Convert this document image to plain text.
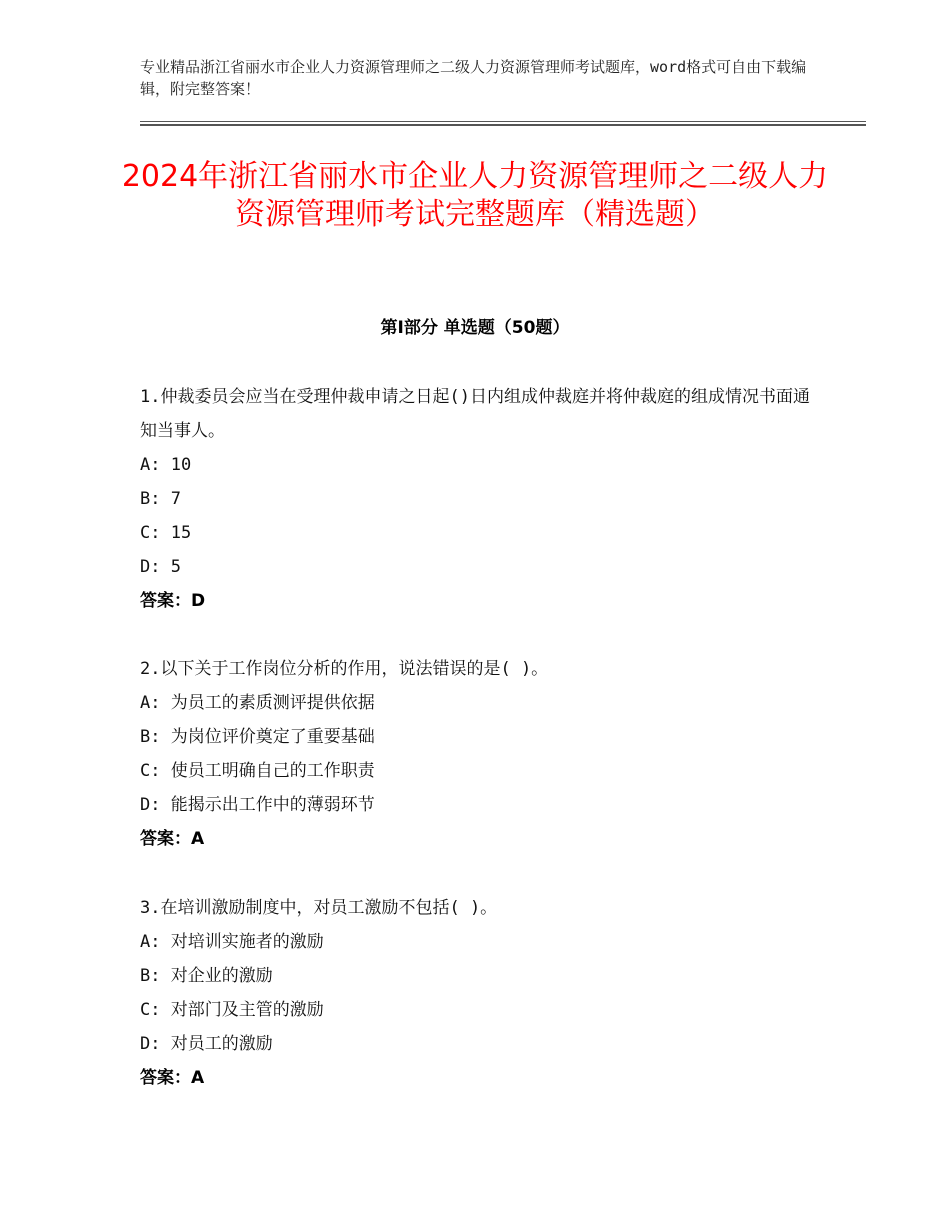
专业精品浙江省丽水市企业人力资源管理师之二级人力资源管理师考试题库，word格式可自由下载编辑，附完整答案！
2024年浙江省丽水市企业人力资源管理师之二级人力资源管理师考试完整题库（精选题）
第I部分 单选题（50题）

1.仲裁委员会应当在受理仲裁申请之日起()日内组成仲裁庭并将仲裁庭的组成情况书面通知当事人。

A: 10

B: 7

C: 15

D: 5

答案：D

2.以下关于工作岗位分析的作用，说法错误的是( )。

A: 为员工的素质测评提供依据

B: 为岗位评价奠定了重要基础

C: 使员工明确自己的工作职责

D: 能揭示出工作中的薄弱环节

答案：A

3.在培训激励制度中，对员工激励不包括( )。

A: 对培训实施者的激励

B: 对企业的激励

C: 对部门及主管的激励

D: 对员工的激励

答案：A
